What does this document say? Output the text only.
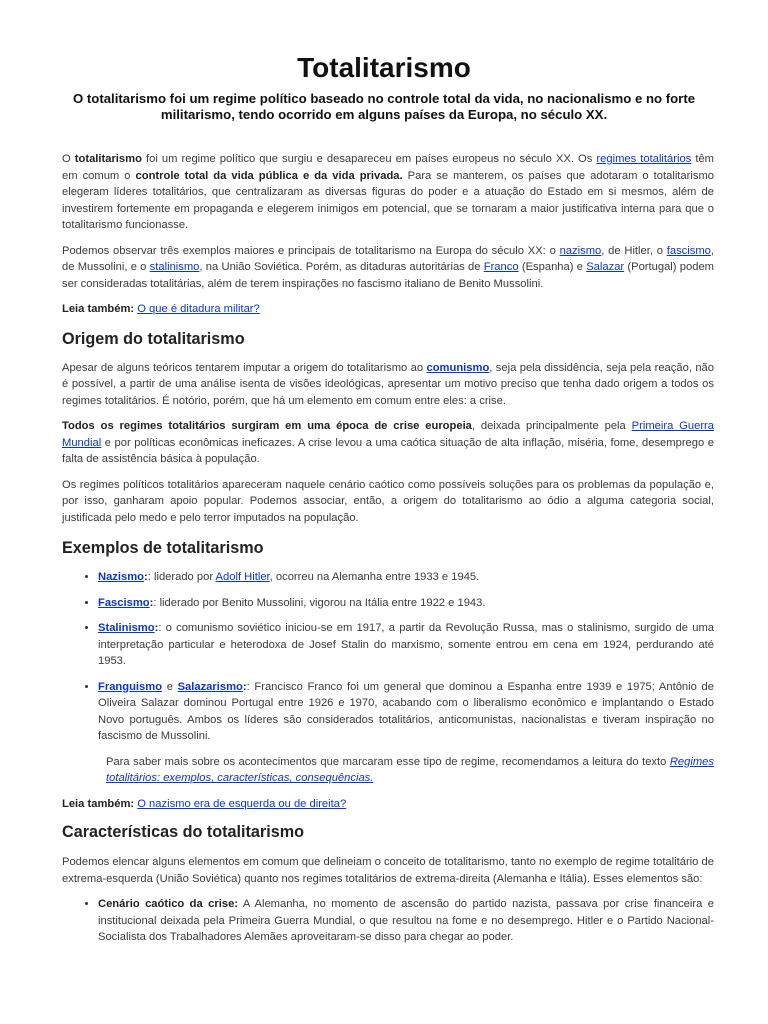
Totalitarismo
O totalitarismo foi um regime político baseado no controle total da vida, no nacionalismo e no forte militarismo, tendo ocorrido em alguns países da Europa, no século XX.

O totalitarismo foi um regime político que surgiu e desapareceu em países europeus no século XX. Os regimes totalitários têm em comum o controle total da vida pública e da vida privada. Para se manterem, os países que adotaram o totalitarismo elegeram líderes totalitários, que centralizaram as diversas figuras do poder e a atuação do Estado em si mesmos, além de investirem fortemente em propaganda e elegerem inimigos em potencial, que se tornaram a maior justificativa interna para que o totalitarismo funcionasse.

Podemos observar três exemplos maiores e principais de totalitarismo na Europa do século XX: o nazismo, de Hitler, o fascismo, de Mussolini, e o stalinismo, na União Soviética. Porém, as ditaduras autoritárias de Franco (Espanha) e Salazar (Portugal) podem ser consideradas totalitárias, além de terem inspirações no fascismo italiano de Benito Mussolini.

Leia também: O que é ditadura militar?

Origem do totalitarismo

Apesar de alguns teóricos tentarem imputar a origem do totalitarismo ao comunismo, seja pela dissidência, seja pela reação, não é possível, a partir de uma análise isenta de visões ideológicas, apresentar um motivo preciso que tenha dado origem a todos os regimes totalitários. É notório, porém, que há um elemento em comum entre eles: a crise.

Todos os regimes totalitários surgiram em uma época de crise europeia, deixada principalmente pela Primeira Guerra Mundial e por políticas econômicas ineficazes. A crise levou a uma caótica situação de alta inflação, miséria, fome, desemprego e falta de assistência básica à população.

Os regimes políticos totalitários apareceram naquele cenário caótico como possíveis soluções para os problemas da população e, por isso, ganharam apoio popular. Podemos associar, então, a origem do totalitarismo ao ódio a alguma categoria social, justificada pelo medo e pelo terror imputados na população.

Exemplos de totalitarismo
• Nazismo:: liderado por Adolf Hitler, ocorreu na Alemanha entre 1933 e 1945.
• Fascismo:: liderado por Benito Mussolini, vigorou na Itália entre 1922 e 1943.
• Stalinismo:: o comunismo soviético iniciou-se em 1917, a partir da Revolução Russa, mas o stalinismo, surgido de uma interpretação particular e heterodoxa de Josef Stalin do marxismo, somente entrou em cena em 1924, perdurando até 1953.
• Franguismo e Salazarismo:: Francisco Franco foi um general que dominou a Espanha entre 1939 e 1975; Antônio de Oliveira Salazar dominou Portugal entre 1926 e 1970, acabando com o liberalismo econômico e implantando o Estado Novo português. Ambos os líderes são considerados totalitários, anticomunistas, nacionalistas e tiveram inspiração no fascismo de Mussolini.

Para saber mais sobre os acontecimentos que marcaram esse tipo de regime, recomendamos a leitura do texto Regimes totalitários: exemplos, características, consequências.

Leia também: O nazismo era de esquerda ou de direita?

Características do totalitarismo

Podemos elencar alguns elementos em comum que delineiam o conceito de totalitarismo, tanto no exemplo de regime totalitário de extrema-esquerda (União Soviética) quanto nos regimes totalitários de extrema-direita (Alemanha e Itália). Esses elementos são:

• Cenário caótico da crise: A Alemanha, no momento de ascensão do partido nazista, passava por crise financeira e institucional deixada pela Primeira Guerra Mundial, o que resultou na fome e no desemprego. Hitler e o Partido Nacional-Socialista dos Trabalhadores Alemães aproveitaram-se disso para chegar ao poder.
